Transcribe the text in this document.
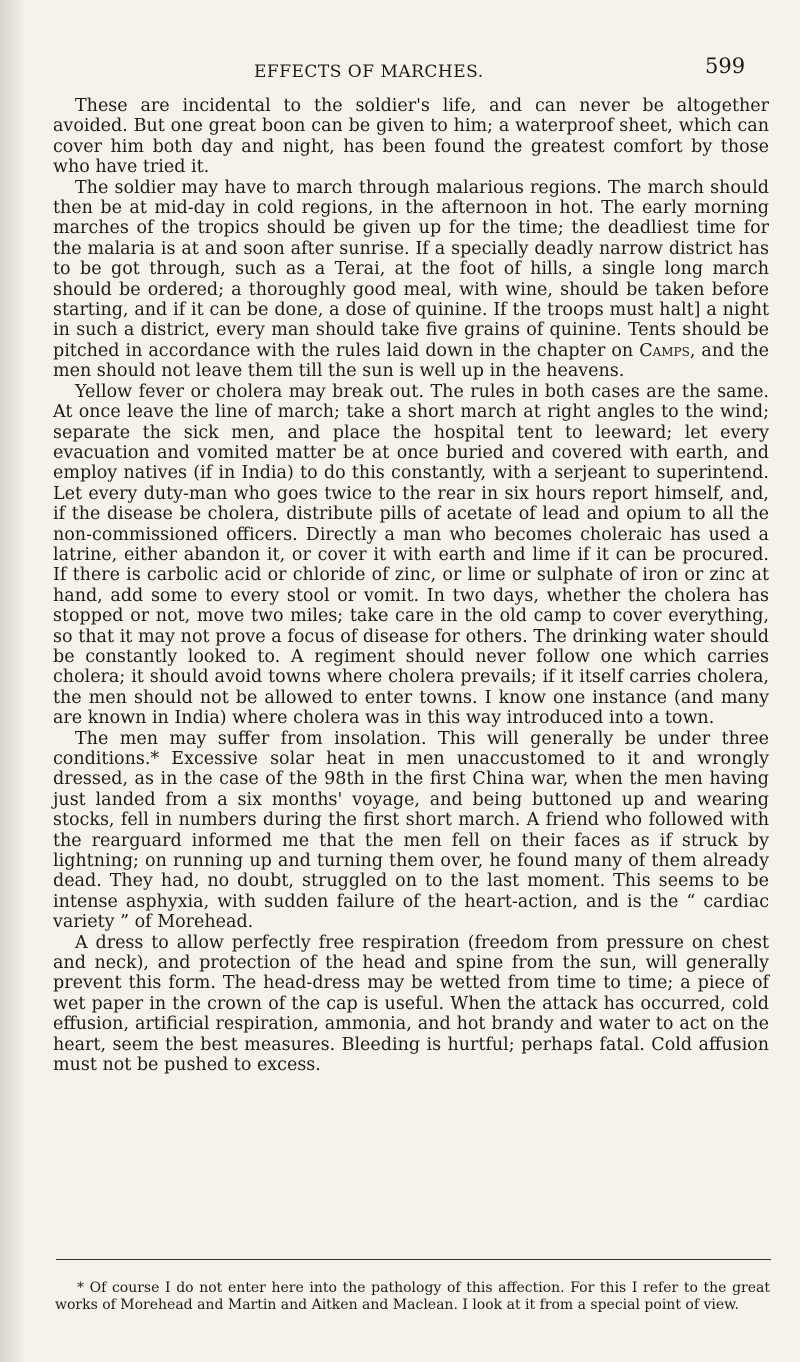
EFFECTS OF MARCHES.	599

These are incidental to the soldier's life, and can never be altogether avoided. But one great boon can be given to him; a waterproof sheet, which can cover him both day and night, has been found the greatest comfort by those who have tried it.

The soldier may have to march through malarious regions. The march should then be at mid-day in cold regions, in the afternoon in hot. The early morning marches of the tropics should be given up for the time; the deadliest time for the malaria is at and soon after sunrise. If a specially deadly narrow district has to be got through, such as a Terai, at the foot of hills, a single long march should be ordered; a thoroughly good meal, with wine, should be taken before starting, and if it can be done, a dose of quinine. If the troops must halt] a night in such a district, every man should take five grains of quinine. Tents should be pitched in accordance with the rules laid down in the chapter on Camps, and the men should not leave them till the sun is well up in the heavens.

Yellow fever or cholera may break out. The rules in both cases are the same. At once leave the line of march; take a short march at right angles to the wind; separate the sick men, and place the hospital tent to leeward; let every evacuation and vomited matter be at once buried and covered with earth, and employ natives (if in India) to do this constantly, with a serjeant to superintend. Let every duty-man who goes twice to the rear in six hours report himself, and, if the disease be cholera, distribute pills of acetate of lead and opium to all the non-commissioned officers. Directly a man who becomes choleraic has used a latrine, either abandon it, or cover it with earth and lime if it can be procured. If there is carbolic acid or chloride of zinc, or lime or sulphate of iron or zinc at hand, add some to every stool or vomit. In two days, whether the cholera has stopped or not, move two miles; take care in the old camp to cover everything, so that it may not prove a focus of disease for others. The drinking water should be constantly looked to. A regiment should never follow one which carries cholera; it should avoid towns where cholera prevails; if it itself carries cholera, the men should not be allowed to enter towns. I know one instance (and many are known in India) where cholera was in this way introduced into a town.

The men may suffer from insolation. This will generally be under three conditions.* Excessive solar heat in men unaccustomed to it and wrongly dressed, as in the case of the 98th in the first China war, when the men having just landed from a six months' voyage, and being buttoned up and wearing stocks, fell in numbers during the first short march. A friend who followed with the rearguard informed me that the men fell on their faces as if struck by lightning; on running up and turning them over, he found many of them already dead. They had, no doubt, struggled on to the last moment. This seems to be intense asphyxia, with sudden failure of the heart-action, and is the “ cardiac variety ” of Morehead.

A dress to allow perfectly free respiration (freedom from pressure on chest and neck), and protection of the head and spine from the sun, will generally prevent this form. The head-dress may be wetted from time to time; a piece of wet paper in the crown of the cap is useful. When the attack has occurred, cold effusion, artificial respiration, ammonia, and hot brandy and water to act on the heart, seem the best measures. Bleeding is hurtful; perhaps fatal. Cold affusion must not be pushed to excess.

* Of course I do not enter here into the pathology of this affection. For this I refer to the great works of Morehead and Martin and Aitken and Maclean. I look at it from a special point of view.
